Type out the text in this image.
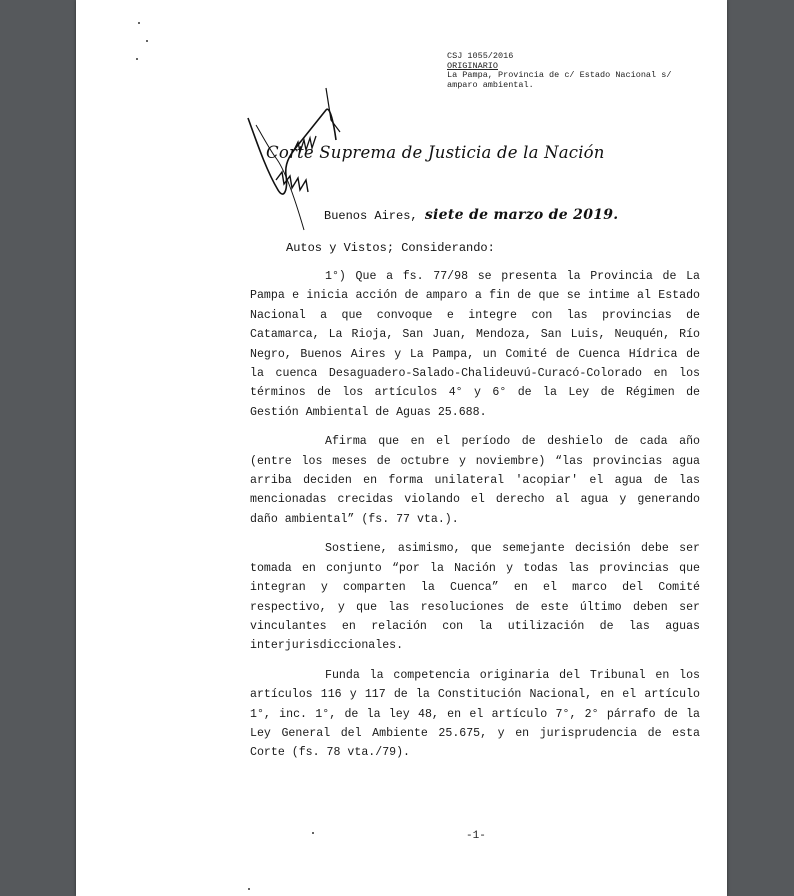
CSJ 1055/2016
ORIGINARIO
La Pampa, Provincia de c/ Estado Nacional s/
amparo ambiental.
Corte Suprema de Justicia de la Nación
Buenos Aires, siete de marzo de 2019.
Autos y Vistos; Considerando:

1°) Que a fs. 77/98 se presenta la Provincia de La Pampa e inicia acción de amparo a fin de que se intime al Estado Nacional a que convoque e integre con las provincias de Catamarca, La Rioja, San Juan, Mendoza, San Luis, Neuquén, Río Negro, Buenos Aires y La Pampa, un Comité de Cuenca Hídrica de la cuenca Desaguadero-Salado-Chalideuvú-Curacó-Colorado en los términos de los artículos 4° y 6° de la Ley de Régimen de Gestión Ambiental de Aguas 25.688.

Afirma que en el período de deshielo de cada año (entre los meses de octubre y noviembre) “las provincias agua arriba deciden en forma unilateral 'acopiar' el agua de las mencionadas crecidas violando el derecho al agua y generando daño ambiental” (fs. 77 vta.).

Sostiene, asimismo, que semejante decisión debe ser tomada en conjunto “por la Nación y todas las provincias que integran y comparten la Cuenca” en el marco del Comité respectivo, y que las resoluciones de este último deben ser vinculantes en relación con la utilización de las aguas interjurisdiccionales.

Funda la competencia originaria del Tribunal en los artículos 116 y 117 de la Constitución Nacional, en el artículo 1°, inc. 1°, de la ley 48, en el artículo 7°, 2° párrafo de la Ley General del Ambiente 25.675, y en jurisprudencia de esta Corte (fs. 78 vta./79).

-1-
